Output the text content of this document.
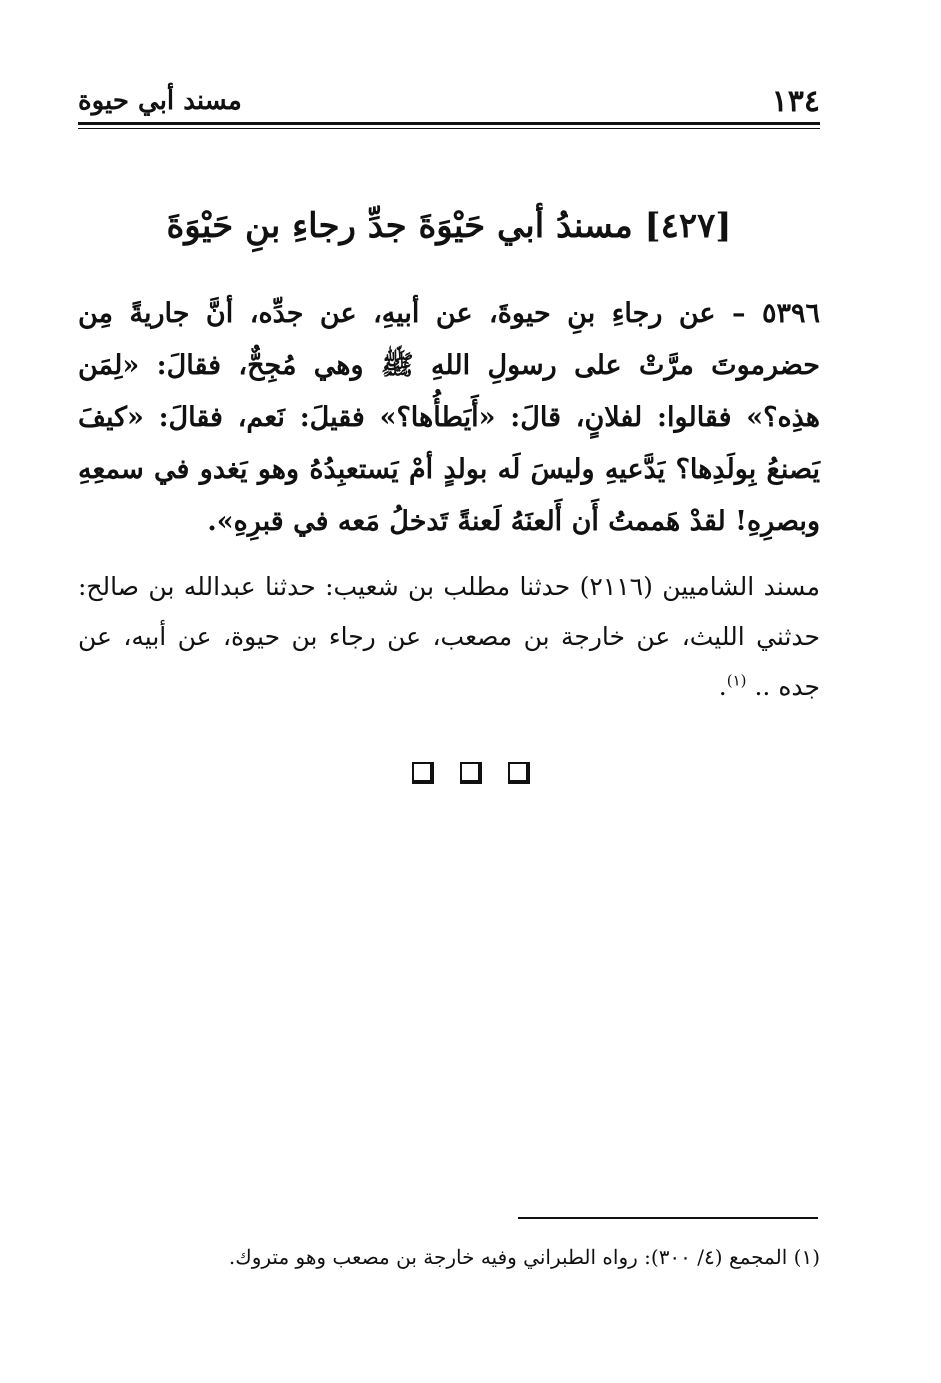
١٣٤
مسند أبي حيوة
[٤٢٧] مسندُ أبي حَيْوَةَ جدِّ رجاءِ بنِ حَيْوَةَ
٥٣٩٦ – عن رجاءِ بنِ حيوةَ، عن أبيهِ، عن جدِّه، أنَّ جاريةً مِن حضرموتَ مرَّتْ على رسولِ اللهِ ﷺ وهي مُجِحٌّ، فقالَ: «لِمَن هذِه؟» فقالوا: لفلانٍ، قالَ: «أَيَطأُها؟» فقيلَ: نَعم، فقالَ: «كيفَ يَصنعُ بِولَدِها؟ يَدَّعيهِ وليسَ لَه بولدٍ أمْ يَستعبِدُهُ وهو يَغدو في سمعِهِ وبصرِهِ! لقدْ هَممتُ أَن أَلعنَهُ لَعنةً تَدخلُ مَعه في قبرِهِ».
مسند الشاميين (٢١١٦) حدثنا مطلب بن شعيب: حدثنا عبدالله بن صالح: حدثني الليث، عن خارجة بن مصعب، عن رجاء بن حيوة، عن أبيه، عن جده .. $^{(١)}$.
(١) المجمع (٤/ ٣٠٠): رواه الطبراني وفيه خارجة بن مصعب وهو متروك.
